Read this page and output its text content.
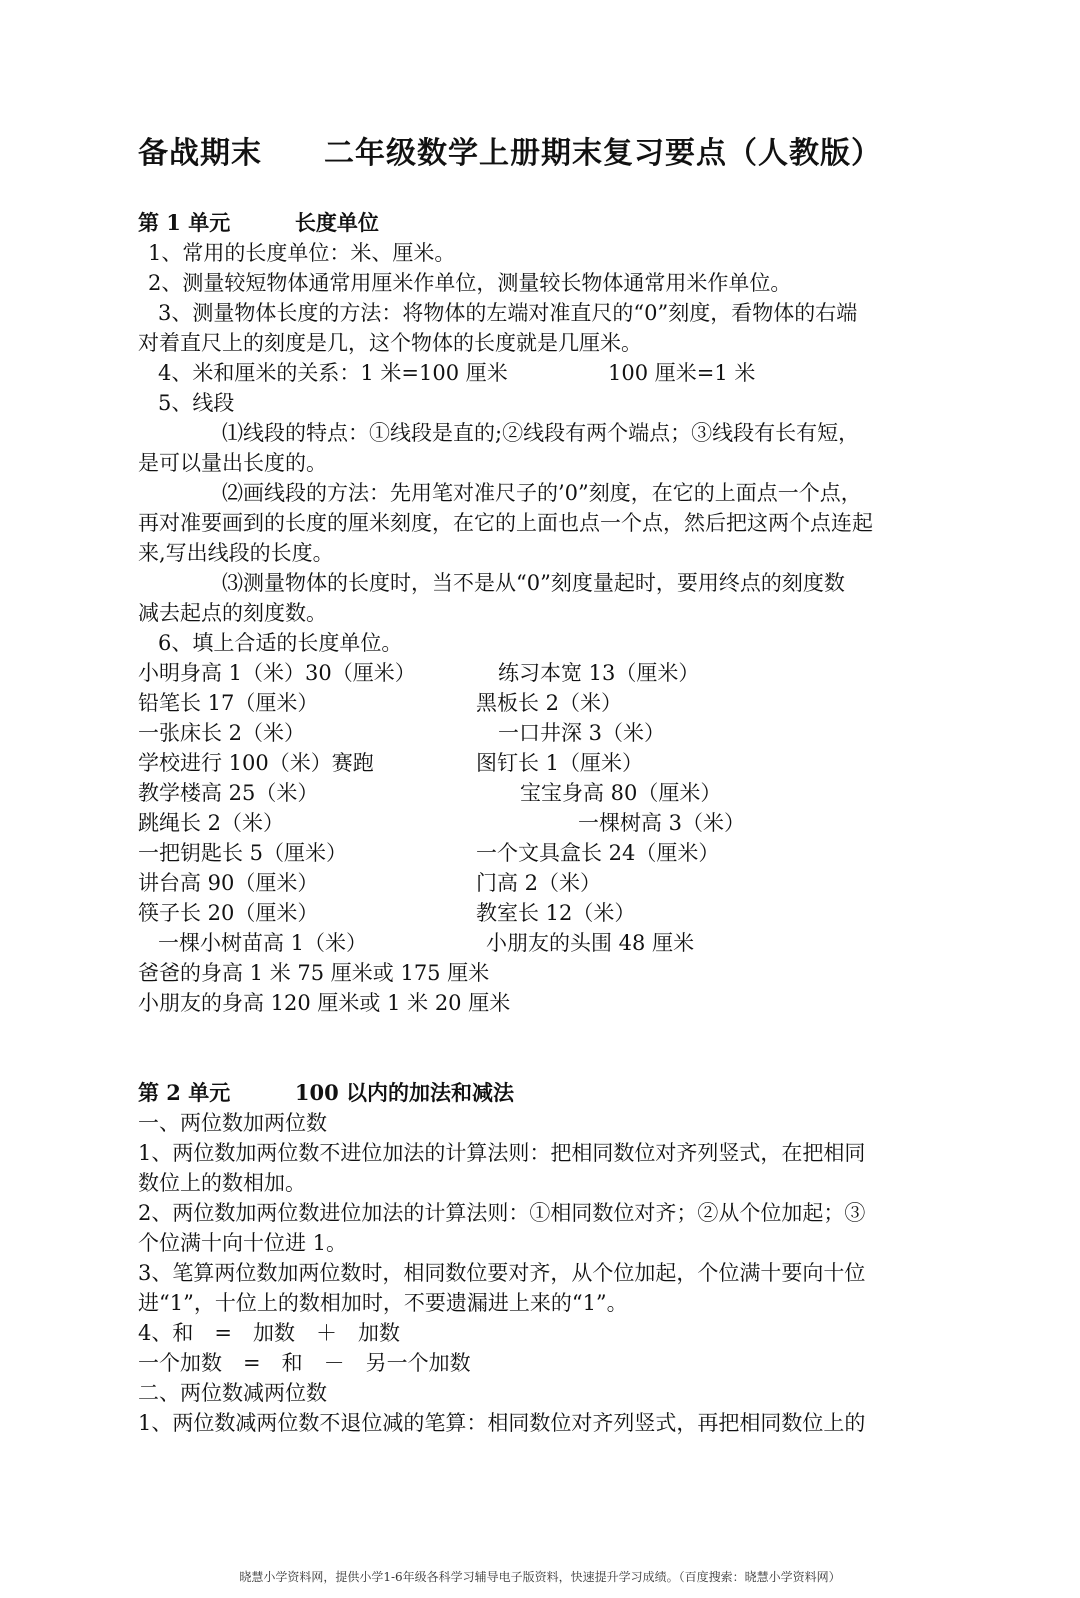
备战期末　　 二年级数学上册期末复习要点（人教版）
第 1 单元	长度单位
1、常用的长度单位：米、厘米。
2、测量较短物体通常用厘米作单位，测量较长物体通常用米作单位。
3、测量物体长度的方法：将物体的左端对准直尺的“0”刻度，看物体的右端
对着直尺上的刻度是几，这个物体的长度就是几厘米。
4、米和厘米的关系：1 米=100 厘米	100 厘米=1 米
5、线段
⑴线段的特点：①线段是直的;②线段有两个端点；③线段有长有短，
是可以量出长度的。
⑵画线段的方法：先用笔对准尺子的’0”刻度，在它的上面点一个点，
再对准要画到的长度的厘米刻度，在它的上面也点一个点，然后把这两个点连起
来,写出线段的长度。
⑶测量物体的长度时，当不是从“0”刻度量起时，要用终点的刻度数
减去起点的刻度数。
6、填上合适的长度单位。
小明身高 1（米）30（厘米）	练习本宽 13（厘米）
铅笔长 17（厘米）	黑板长 2（米）
一张床长 2（米）	一口井深 3（米）
学校进行 100（米）赛跑	图钉长 1（厘米）
教学楼高 25（米）	宝宝身高 80（厘米）
跳绳长 2（米）	一棵树高 3（米）
一把钥匙长 5（厘米）	一个文具盒长 24（厘米）
讲台高 90（厘米）	门高 2（米）
筷子长 20（厘米）	教室长 12（米）
一棵小树苗高 1（米）	小朋友的头围 48 厘米
爸爸的身高 1 米 75 厘米或 175 厘米
小朋友的身高 120 厘米或 1 米 20 厘米
第 2 单元	100 以内的加法和减法
一、两位数加两位数
1、两位数加两位数不进位加法的计算法则：把相同数位对齐列竖式，在把相同
数位上的数相加。
2、两位数加两位数进位加法的计算法则：①相同数位对齐；②从个位加起；③
个位满十向十位进 1。
3、笔算两位数加两位数时，相同数位要对齐，从个位加起，个位满十要向十位
进“1”，十位上的数相加时，不要遗漏进上来的“1”。
4、和　=　加数　＋　加数
一个加数　=　和　－　另一个加数
二、两位数减两位数
1、两位数减两位数不退位减的笔算：相同数位对齐列竖式，再把相同数位上的
晓慧小学资料网，提供小学1-6年级各科学习辅导电子版资料，快速提升学习成绩。（百度搜索：晓慧小学资料网）
